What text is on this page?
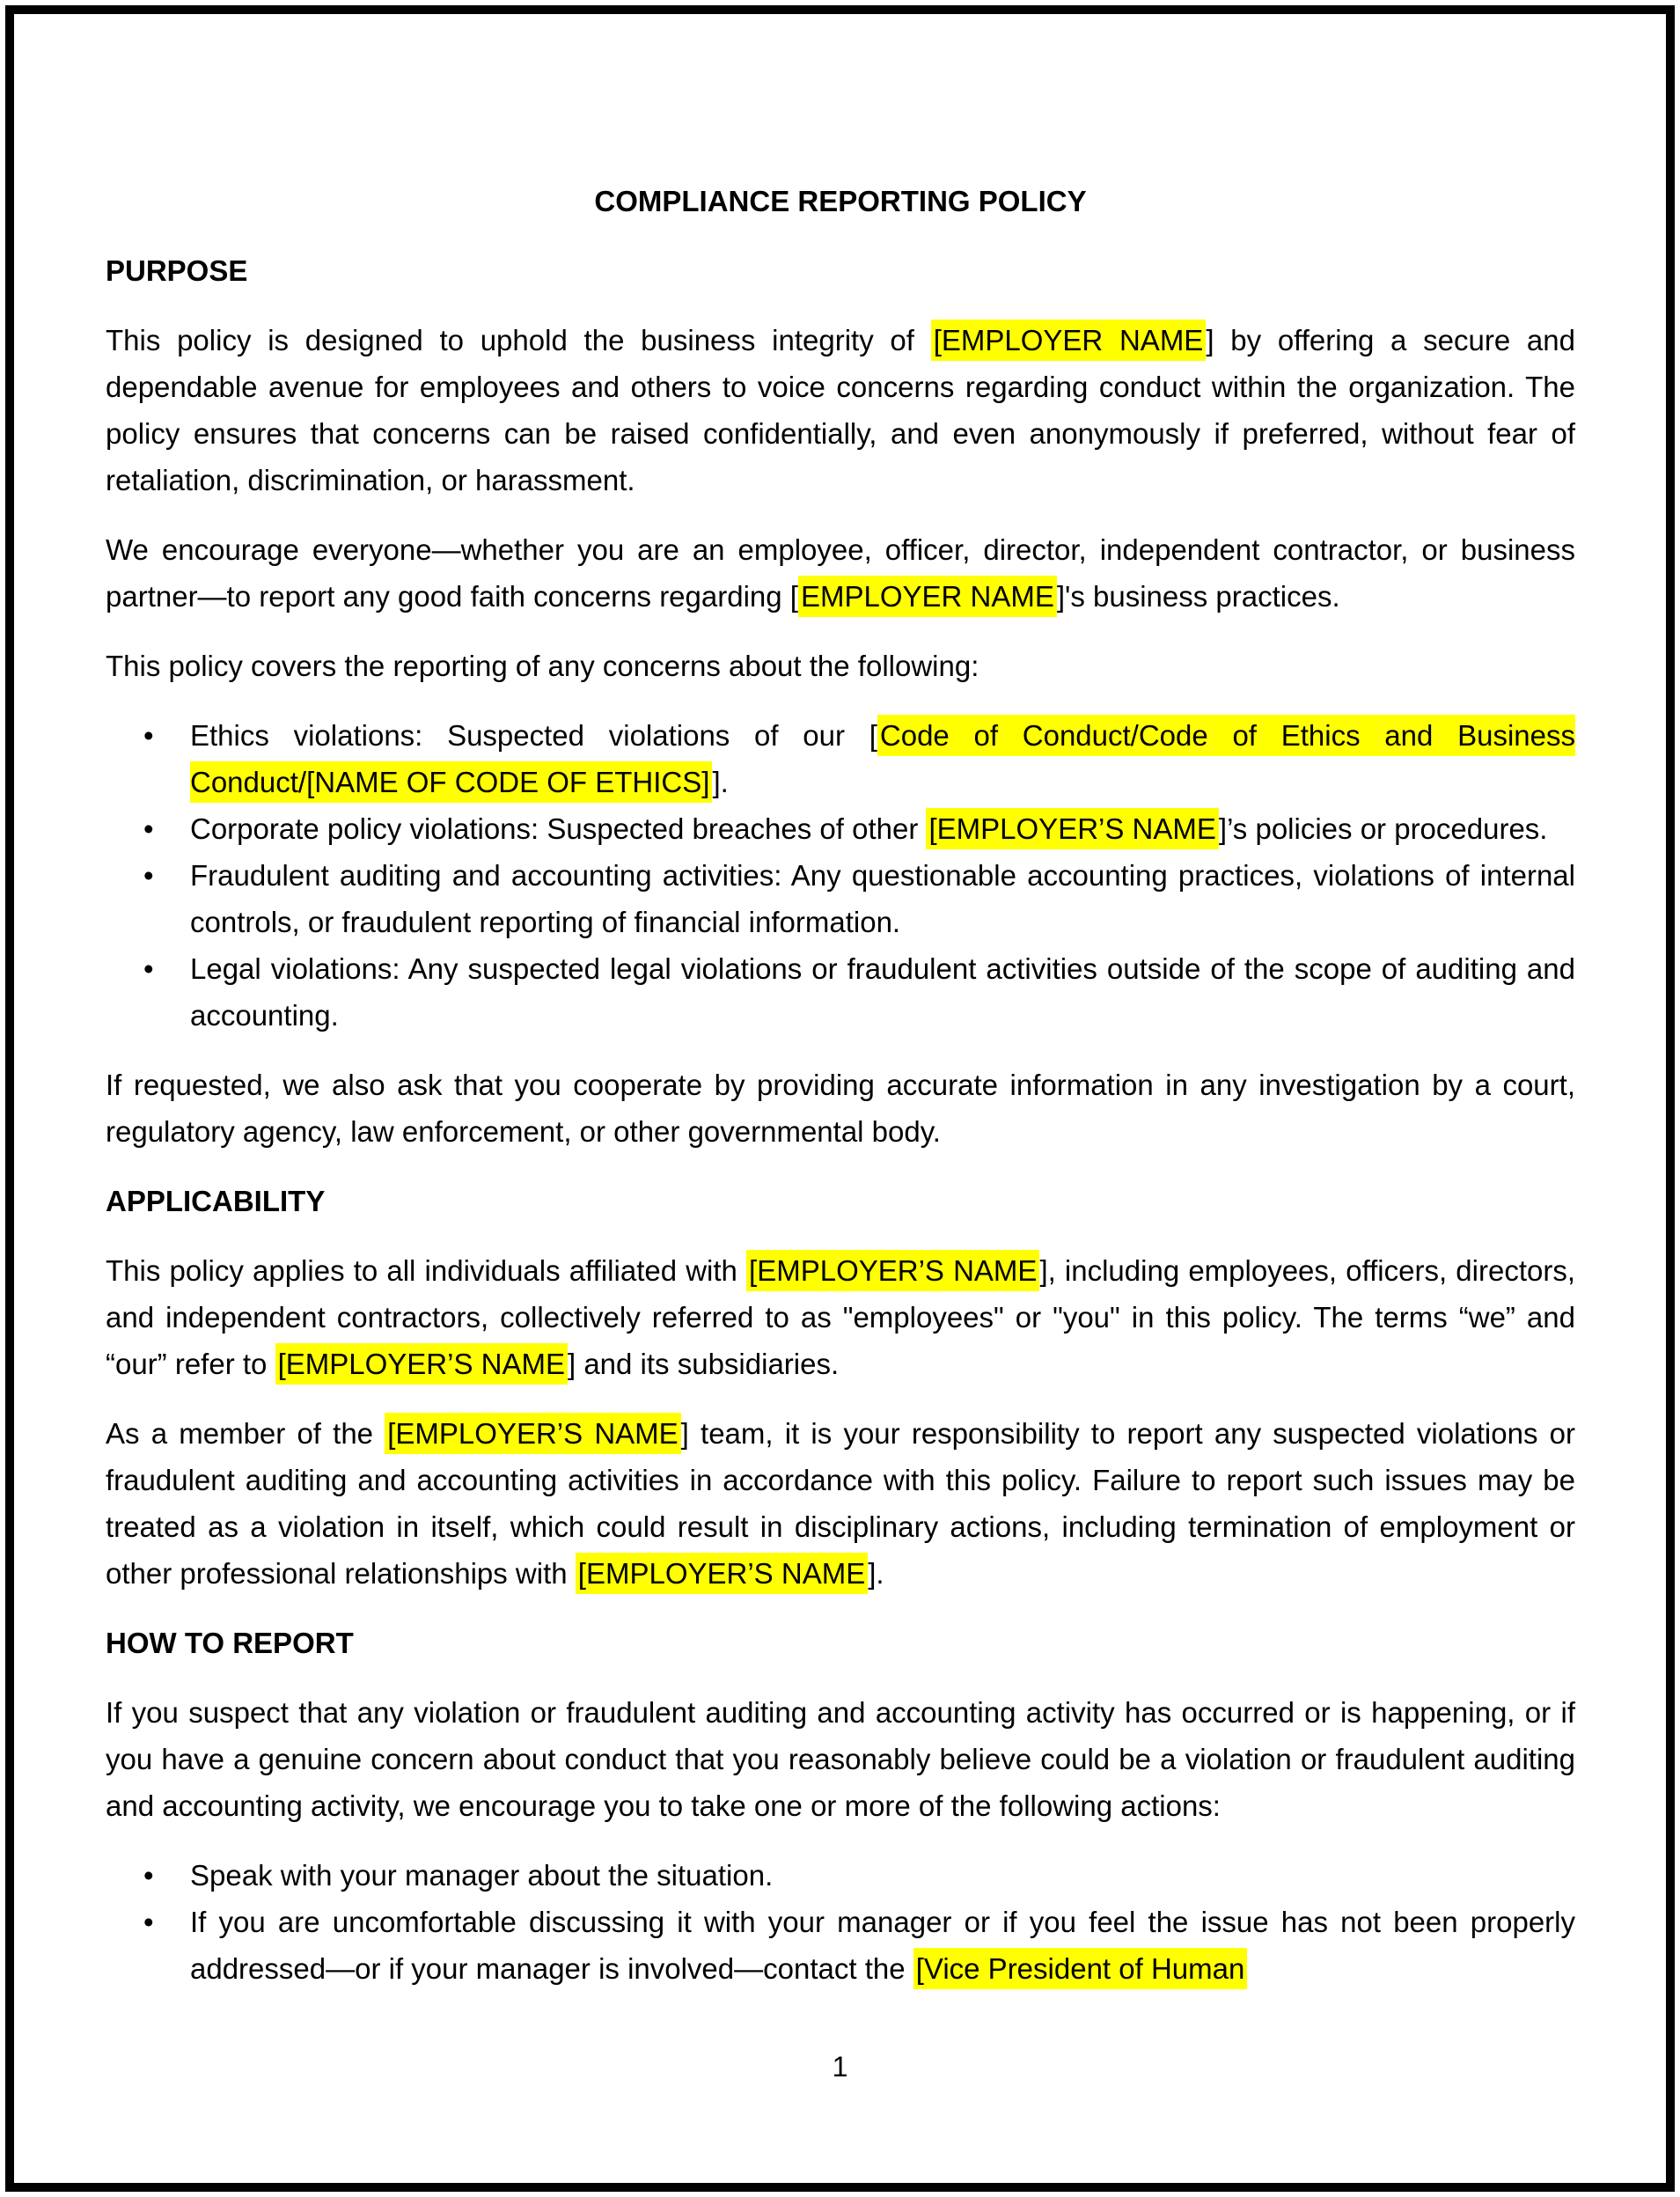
COMPLIANCE REPORTING POLICY
PURPOSE

This policy is designed to uphold the business integrity of [EMPLOYER NAME] by offering a secure and dependable avenue for employees and others to voice concerns regarding conduct within the organization. The policy ensures that concerns can be raised confidentially, and even anonymously if preferred, without fear of retaliation, discrimination, or harassment.

We encourage everyone—whether you are an employee, officer, director, independent contractor, or business partner—to report any good faith concerns regarding [EMPLOYER NAME]'s business practices.

This policy covers the reporting of any concerns about the following:

• Ethics violations: Suspected violations of our [Code of Conduct/Code of Ethics and Business Conduct/[NAME OF CODE OF ETHICS]].
• Corporate policy violations: Suspected breaches of other [EMPLOYER’S NAME]’s policies or procedures.
• Fraudulent auditing and accounting activities: Any questionable accounting practices, violations of internal controls, or fraudulent reporting of financial information.
• Legal violations: Any suspected legal violations or fraudulent activities outside of the scope of auditing and accounting.

If requested, we also ask that you cooperate by providing accurate information in any investigation by a court, regulatory agency, law enforcement, or other governmental body.

APPLICABILITY

This policy applies to all individuals affiliated with [EMPLOYER’S NAME], including employees, officers, directors, and independent contractors, collectively referred to as "employees" or "you" in this policy. The terms “we” and “our” refer to [EMPLOYER’S NAME] and its subsidiaries.

As a member of the [EMPLOYER’S NAME] team, it is your responsibility to report any suspected violations or fraudulent auditing and accounting activities in accordance with this policy. Failure to report such issues may be treated as a violation in itself, which could result in disciplinary actions, including termination of employment or other professional relationships with [EMPLOYER’S NAME].

HOW TO REPORT

If you suspect that any violation or fraudulent auditing and accounting activity has occurred or is happening, or if you have a genuine concern about conduct that you reasonably believe could be a violation or fraudulent auditing and accounting activity, we encourage you to take one or more of the following actions:

• Speak with your manager about the situation.
• If you are uncomfortable discussing it with your manager or if you feel the issue has not been properly addressed—or if your manager is involved—contact the [Vice President of Human
1
